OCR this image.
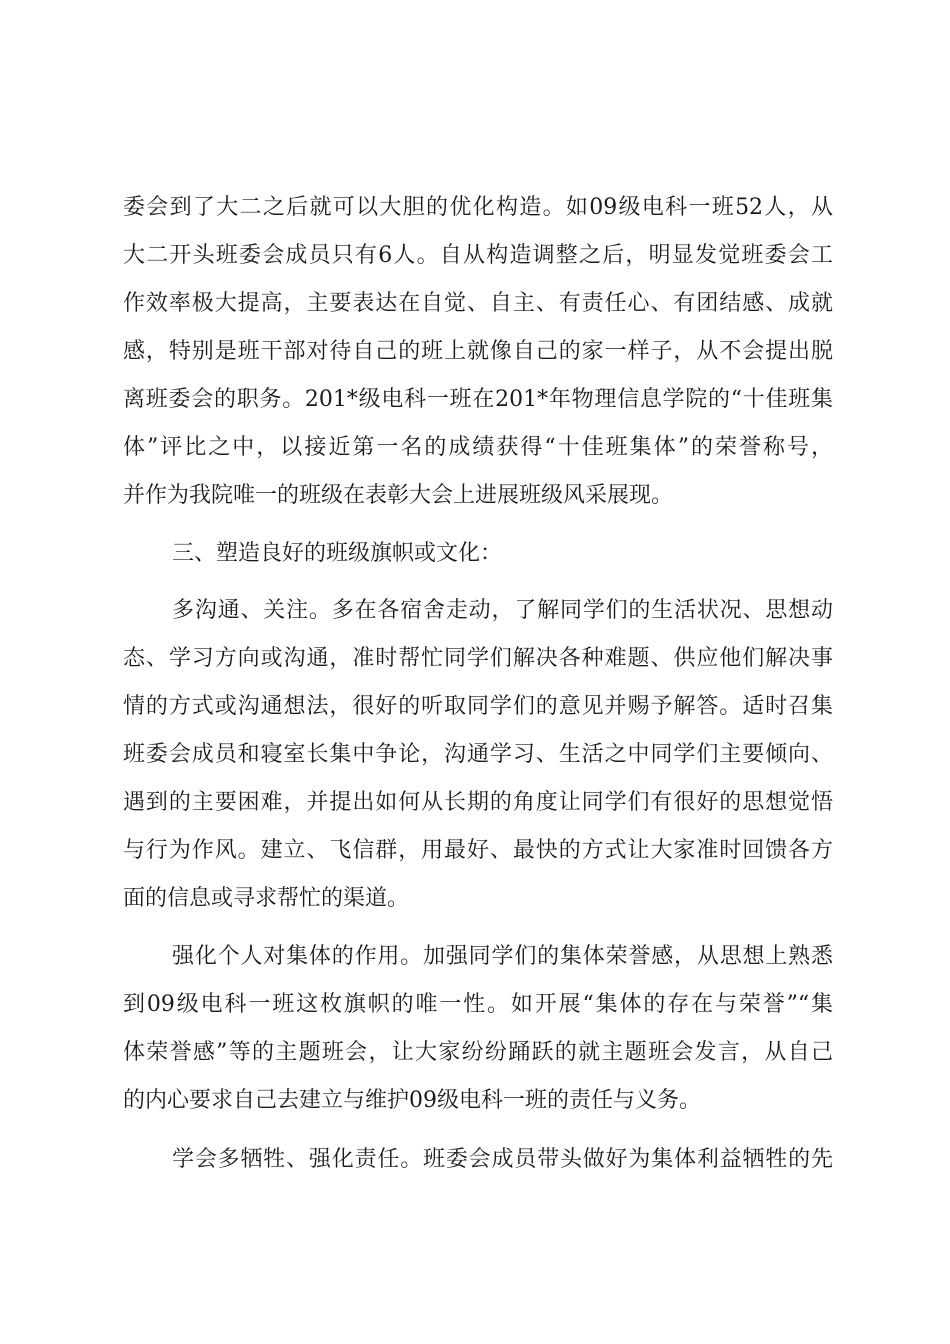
委会到了大二之后就可以大胆的优化构造。如09级电科一班52人，从
大二开头班委会成员只有6人。自从构造调整之后，明显发觉班委会工
作效率极大提高，主要表达在自觉、自主、有责任心、有团结感、成就
感，特别是班干部对待自己的班上就像自己的家一样子，从不会提出脱
离班委会的职务。201*级电科一班在201*年物理信息学院的“十佳班集
体”评比之中，以接近第一名的成绩获得“十佳班集体”的荣誉称号，
并作为我院唯一的班级在表彰大会上进展班级风采展现。
三、塑造良好的班级旗帜或文化：
多沟通、关注。多在各宿舍走动，了解同学们的生活状况、思想动
态、学习方向或沟通，准时帮忙同学们解决各种难题、供应他们解决事
情的方式或沟通想法，很好的听取同学们的意见并赐予解答。适时召集
班委会成员和寝室长集中争论，沟通学习、生活之中同学们主要倾向、
遇到的主要困难，并提出如何从长期的角度让同学们有很好的思想觉悟
与行为作风。建立、飞信群，用最好、最快的方式让大家准时回馈各方
面的信息或寻求帮忙的渠道。
强化个人对集体的作用。加强同学们的集体荣誉感，从思想上熟悉
到09级电科一班这枚旗帜的唯一性。如开展“集体的存在与荣誉”“集
体荣誉感”等的主题班会，让大家纷纷踊跃的就主题班会发言，从自己
的内心要求自己去建立与维护09级电科一班的责任与义务。
学会多牺牲、强化责任。班委会成员带头做好为集体利益牺牲的先
